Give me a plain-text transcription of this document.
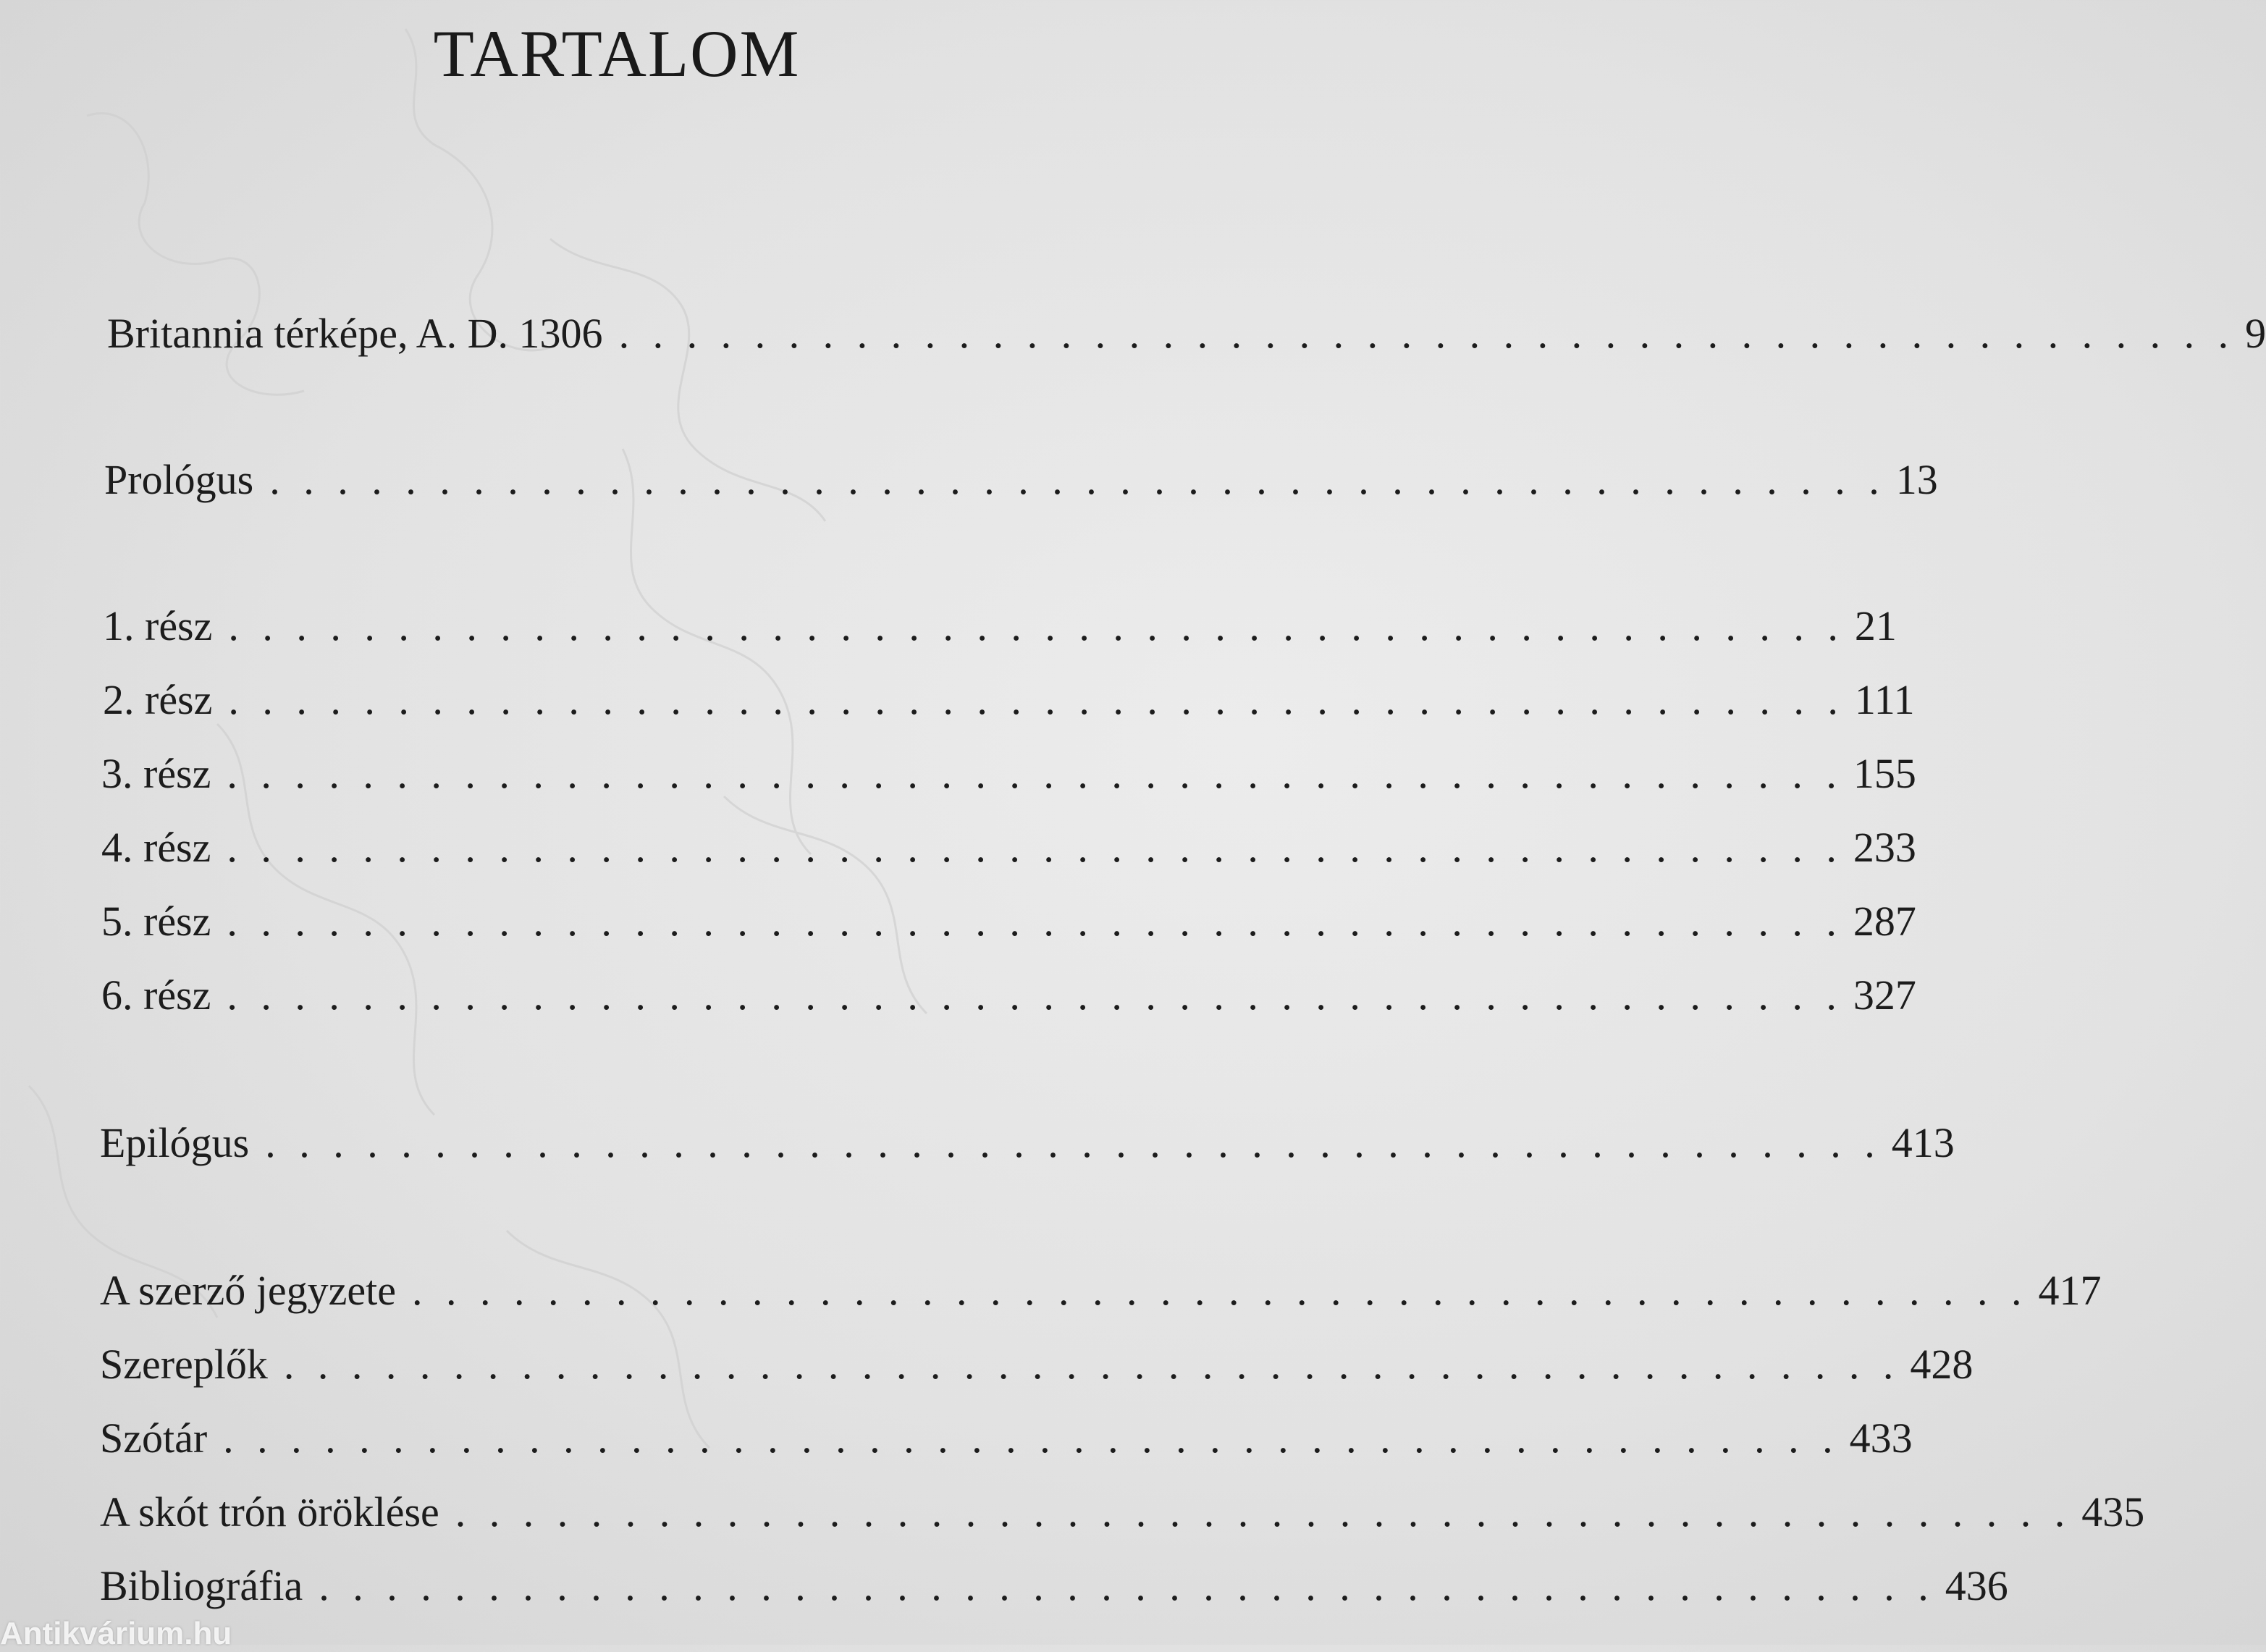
TARTALOM
Britannia térképe, A. D. 1306 . . . . . . . . . . . . . . . . . . . . . . . . . . . . . . . . . . . . . . . . . . . . . . . . 9
Prológus . . . . . . . . . . . . . . . . . . . . . . . . . . . . . . . . . . . . . . . . . . . . . . . . 13
1. rész . . . . . . . . . . . . . . . . . . . . . . . . . . . . . . . . . . . . . . . . . . . . . . . . 21
2. rész . . . . . . . . . . . . . . . . . . . . . . . . . . . . . . . . . . . . . . . . . . . . . . . . 111
3. rész . . . . . . . . . . . . . . . . . . . . . . . . . . . . . . . . . . . . . . . . . . . . . . . . 155
4. rész . . . . . . . . . . . . . . . . . . . . . . . . . . . . . . . . . . . . . . . . . . . . . . . . 233
5. rész . . . . . . . . . . . . . . . . . . . . . . . . . . . . . . . . . . . . . . . . . . . . . . . . 287
6. rész . . . . . . . . . . . . . . . . . . . . . . . . . . . . . . . . . . . . . . . . . . . . . . . . 327
Epilógus . . . . . . . . . . . . . . . . . . . . . . . . . . . . . . . . . . . . . . . . . . . . . . . . 413
A szerző jegyzete . . . . . . . . . . . . . . . . . . . . . . . . . . . . . . . . . . . . . . . . . . . . . . . . 417
Szereplők . . . . . . . . . . . . . . . . . . . . . . . . . . . . . . . . . . . . . . . . . . . . . . . . 428
Szótár . . . . . . . . . . . . . . . . . . . . . . . . . . . . . . . . . . . . . . . . . . . . . . . . 433
A skót trón öröklése . . . . . . . . . . . . . . . . . . . . . . . . . . . . . . . . . . . . . . . . . . . . . . . . 435
Bibliográfia . . . . . . . . . . . . . . . . . . . . . . . . . . . . . . . . . . . . . . . . . . . . . . . . 436
Antikvárium.hu
